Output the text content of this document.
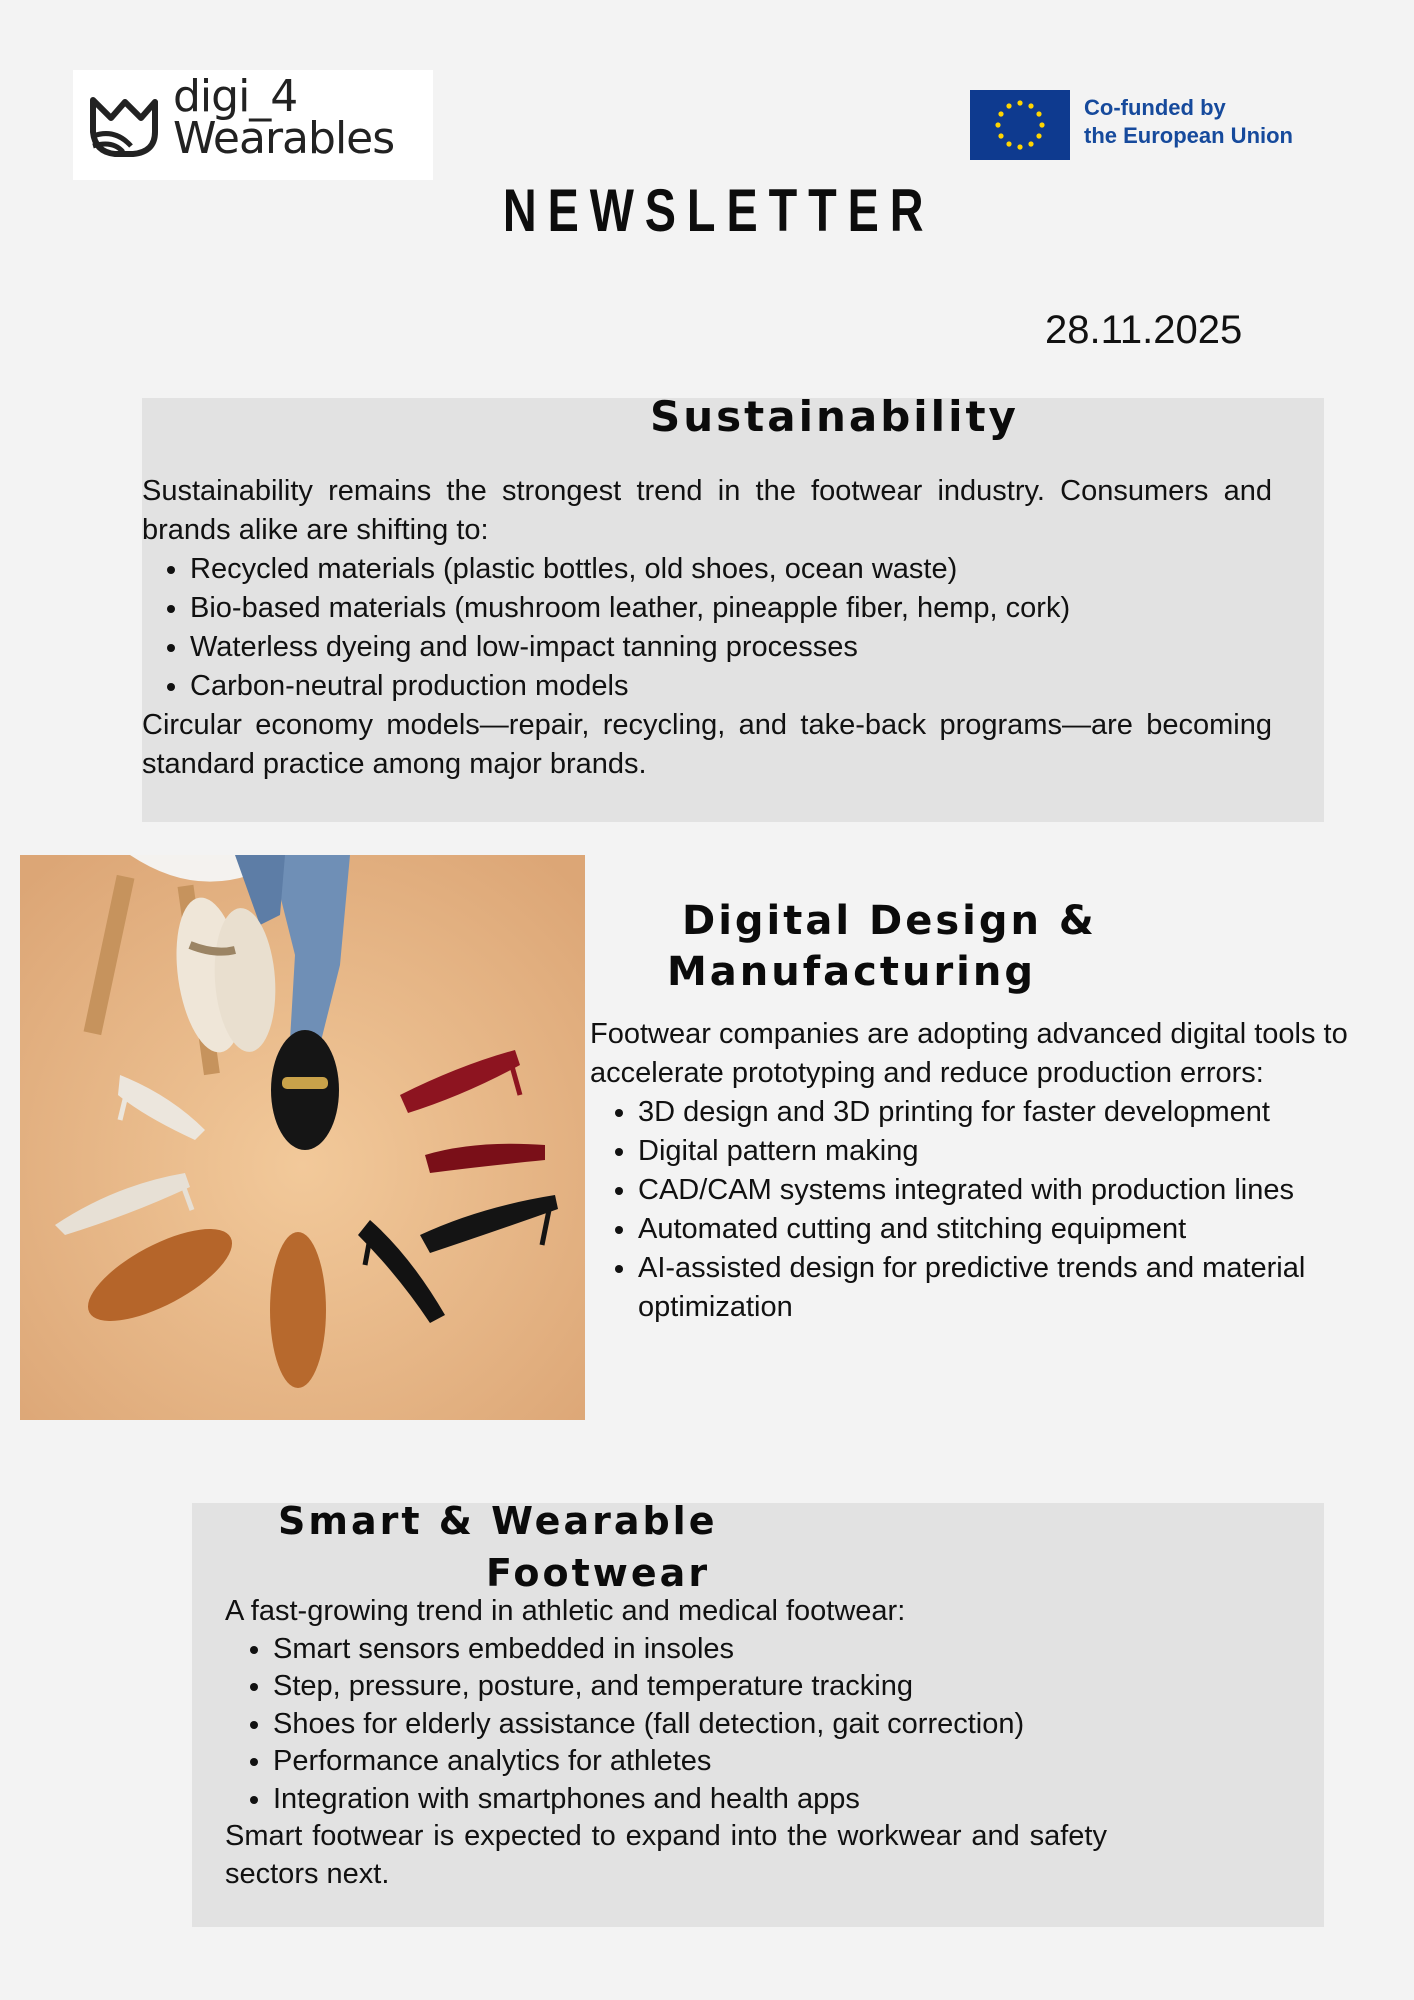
digi_4
Wearables
Co-funded by
the European Union
NEWSLETTER
28.11.2025
Sustainability
Sustainability remains the strongest trend in the footwear industry. Consumers and brands alike are shifting to:
• Recycled materials (plastic bottles, old shoes, ocean waste)
• Bio-based materials (mushroom leather, pineapple fiber, hemp, cork)
• Waterless dyeing and low-impact tanning processes
• Carbon-neutral production models
Circular economy models—repair, recycling, and take-back programs—are becoming standard practice among major brands.
Digital Design &
Manufacturing
Footwear companies are adopting advanced digital tools to accelerate prototyping and reduce production errors:
• 3D design and 3D printing for faster development
• Digital pattern making
• CAD/CAM systems integrated with production lines
• Automated cutting and stitching equipment
• AI-assisted design for predictive trends and material optimization
Smart & Wearable
Footwear
A fast-growing trend in athletic and medical footwear:
• Smart sensors embedded in insoles
• Step, pressure, posture, and temperature tracking
• Shoes for elderly assistance (fall detection, gait correction)
• Performance analytics for athletes
• Integration with smartphones and health apps
Smart footwear is expected to expand into the workwear and safety sectors next.
